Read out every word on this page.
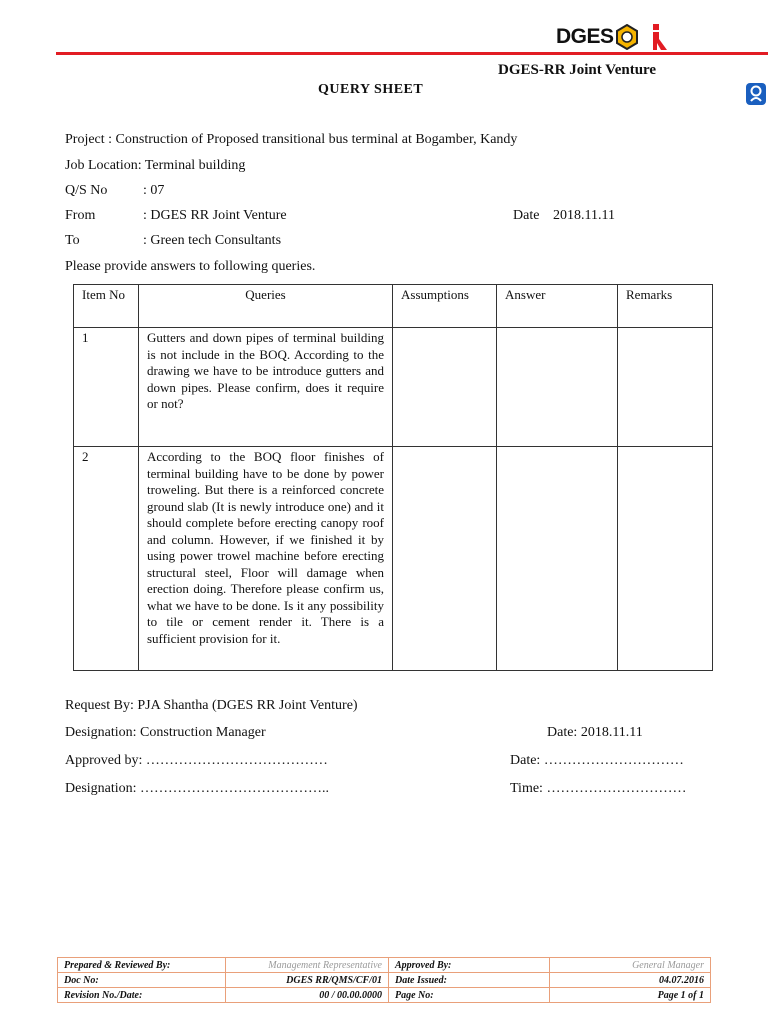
DGES
DGES-RR Joint Venture
QUERY SHEET
Project : Construction of Proposed transitional bus terminal at Bogamber, Kandy
Job Location: Terminal building
Q/S No	: 07
From	: DGES RR Joint Venture	Date 2018.11.11
To	: Green tech Consultants
Please provide answers to following queries.
Item No	Queries	Assumptions	Answer	Remarks
1	Gutters and down pipes of terminal building is not include in the BOQ. According to the drawing we have to be introduce gutters and down pipes. Please confirm, does it require or not?			
2	According to the BOQ floor finishes of terminal building have to be done by power troweling. But there is a reinforced concrete ground slab (It is newly introduce one) and it should complete before erecting canopy roof and column. However, if we finished it by using power trowel machine before erecting structural steel, Floor will damage when erection doing. Therefore please confirm us, what we have to be done. Is it any possibility to tile or cement render it. There is a sufficient provision for it.			
Request By: PJA Shantha (DGES RR Joint Venture)
Designation: Construction Manager	Date: 2018.11.11
Approved by: …………………………………	Date: …………………………
Designation: …………………………………..	Time: …………………………
Prepared & Reviewed By:	Management Representative	Approved By:	General Manager
Doc No:	DGES RR/QMS/CF/01	Date Issued:	04.07.2016
Revision No./Date:	00 / 00.00.0000	Page No:	Page 1 of 1
